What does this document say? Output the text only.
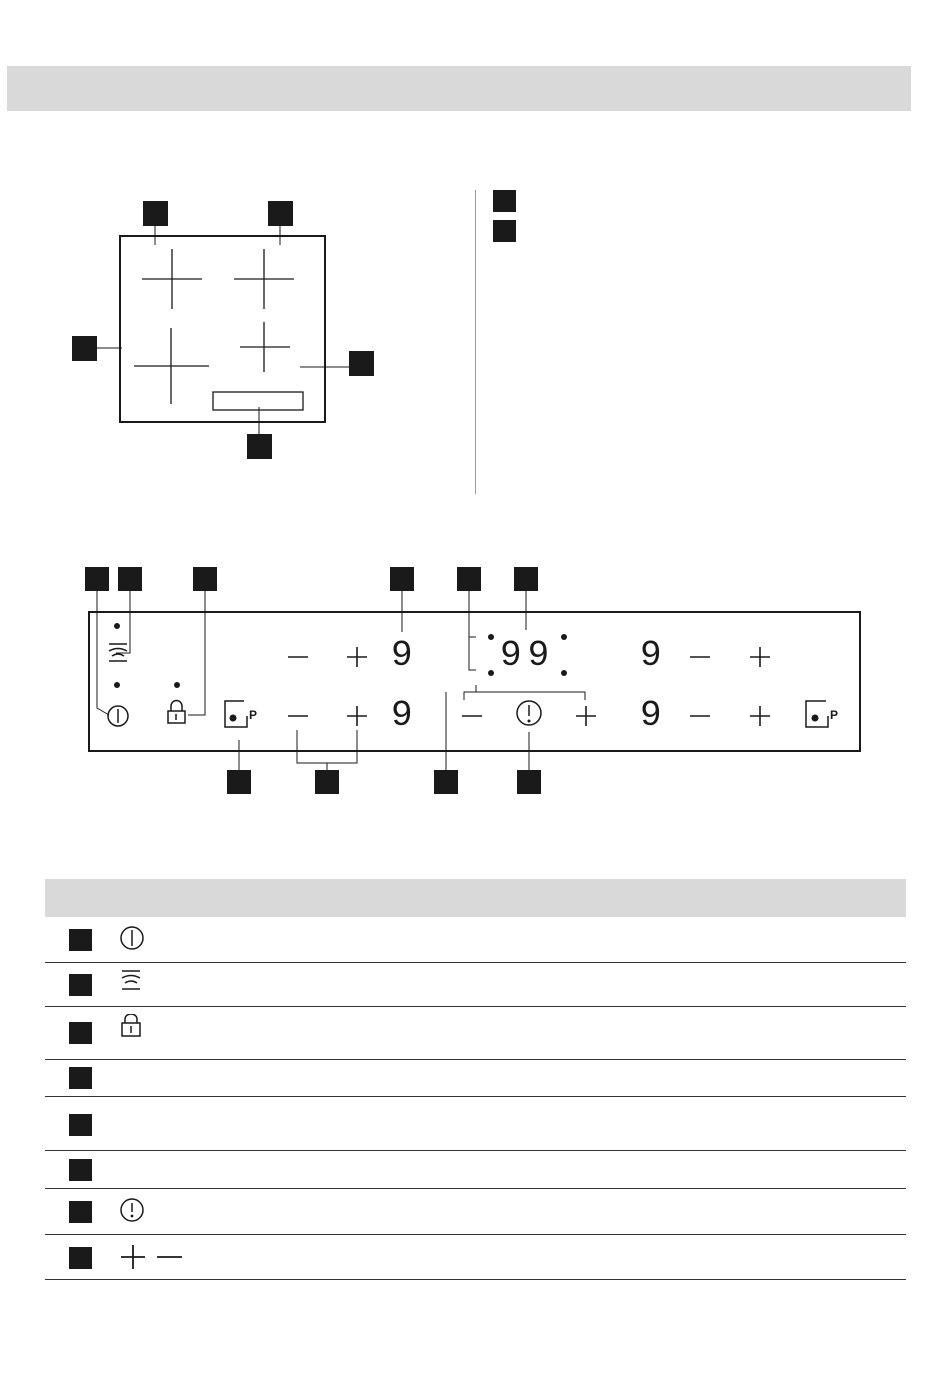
9
9
99 9
9
P	P
